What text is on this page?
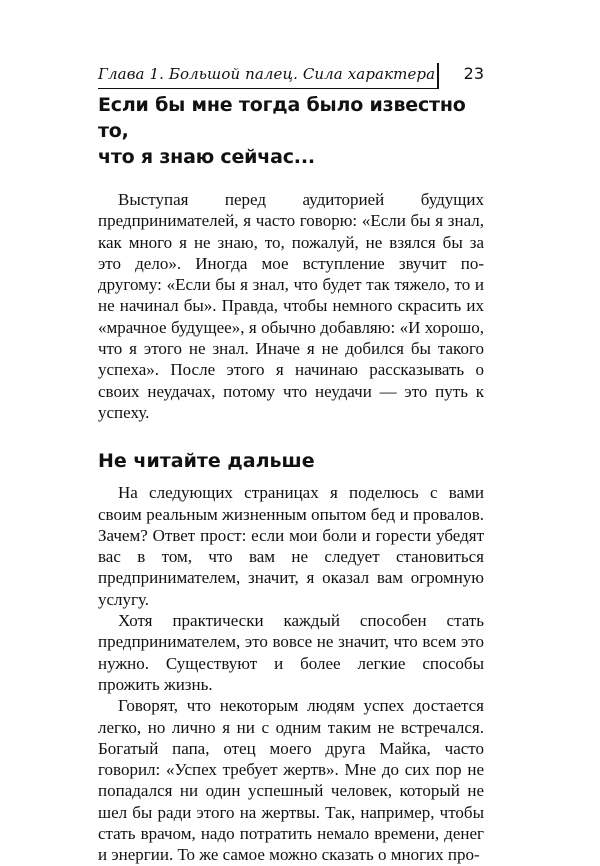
Глава 1. Большой палец. Сила характера 23
Если бы мне тогда было известно то,
что я знаю сейчас...

Выступая перед аудиторией будущих предпринимателей, я часто говорю: «Если бы я знал, как много я не знаю, то, пожалуй, не взялся бы за это дело». Иногда мое вступление звучит по-другому: «Если бы я знал, что будет так тяжело, то и не начинал бы». Правда, чтобы немного скрасить их «мрачное будущее», я обычно добавляю: «И хорошо, что я этого не знал. Иначе я не добился бы такого успеха». После этого я начинаю рассказывать о своих неудачах, потому что неудачи — это путь к успеху.

Не читайте дальше

На следующих страницах я поделюсь с вами своим реальным жизненным опытом бед и провалов. Зачем? Ответ прост: если мои боли и горести убедят вас в том, что вам не следует становиться предпринимателем, значит, я оказал вам огромную услугу.

Хотя практически каждый способен стать предпринимателем, это вовсе не значит, что всем это нужно. Существуют и более легкие способы прожить жизнь.

Говорят, что некоторым людям успех достается легко, но лично я ни с одним таким не встречался. Богатый папа, отец моего друга Майка, часто говорил: «Успех требует жертв». Мне до сих пор не попадался ни один успешный человек, который не шел бы ради этого на жертвы. Так, например, чтобы стать врачом, надо потратить немало времени, денег и энергии. То же самое можно сказать о многих про-
